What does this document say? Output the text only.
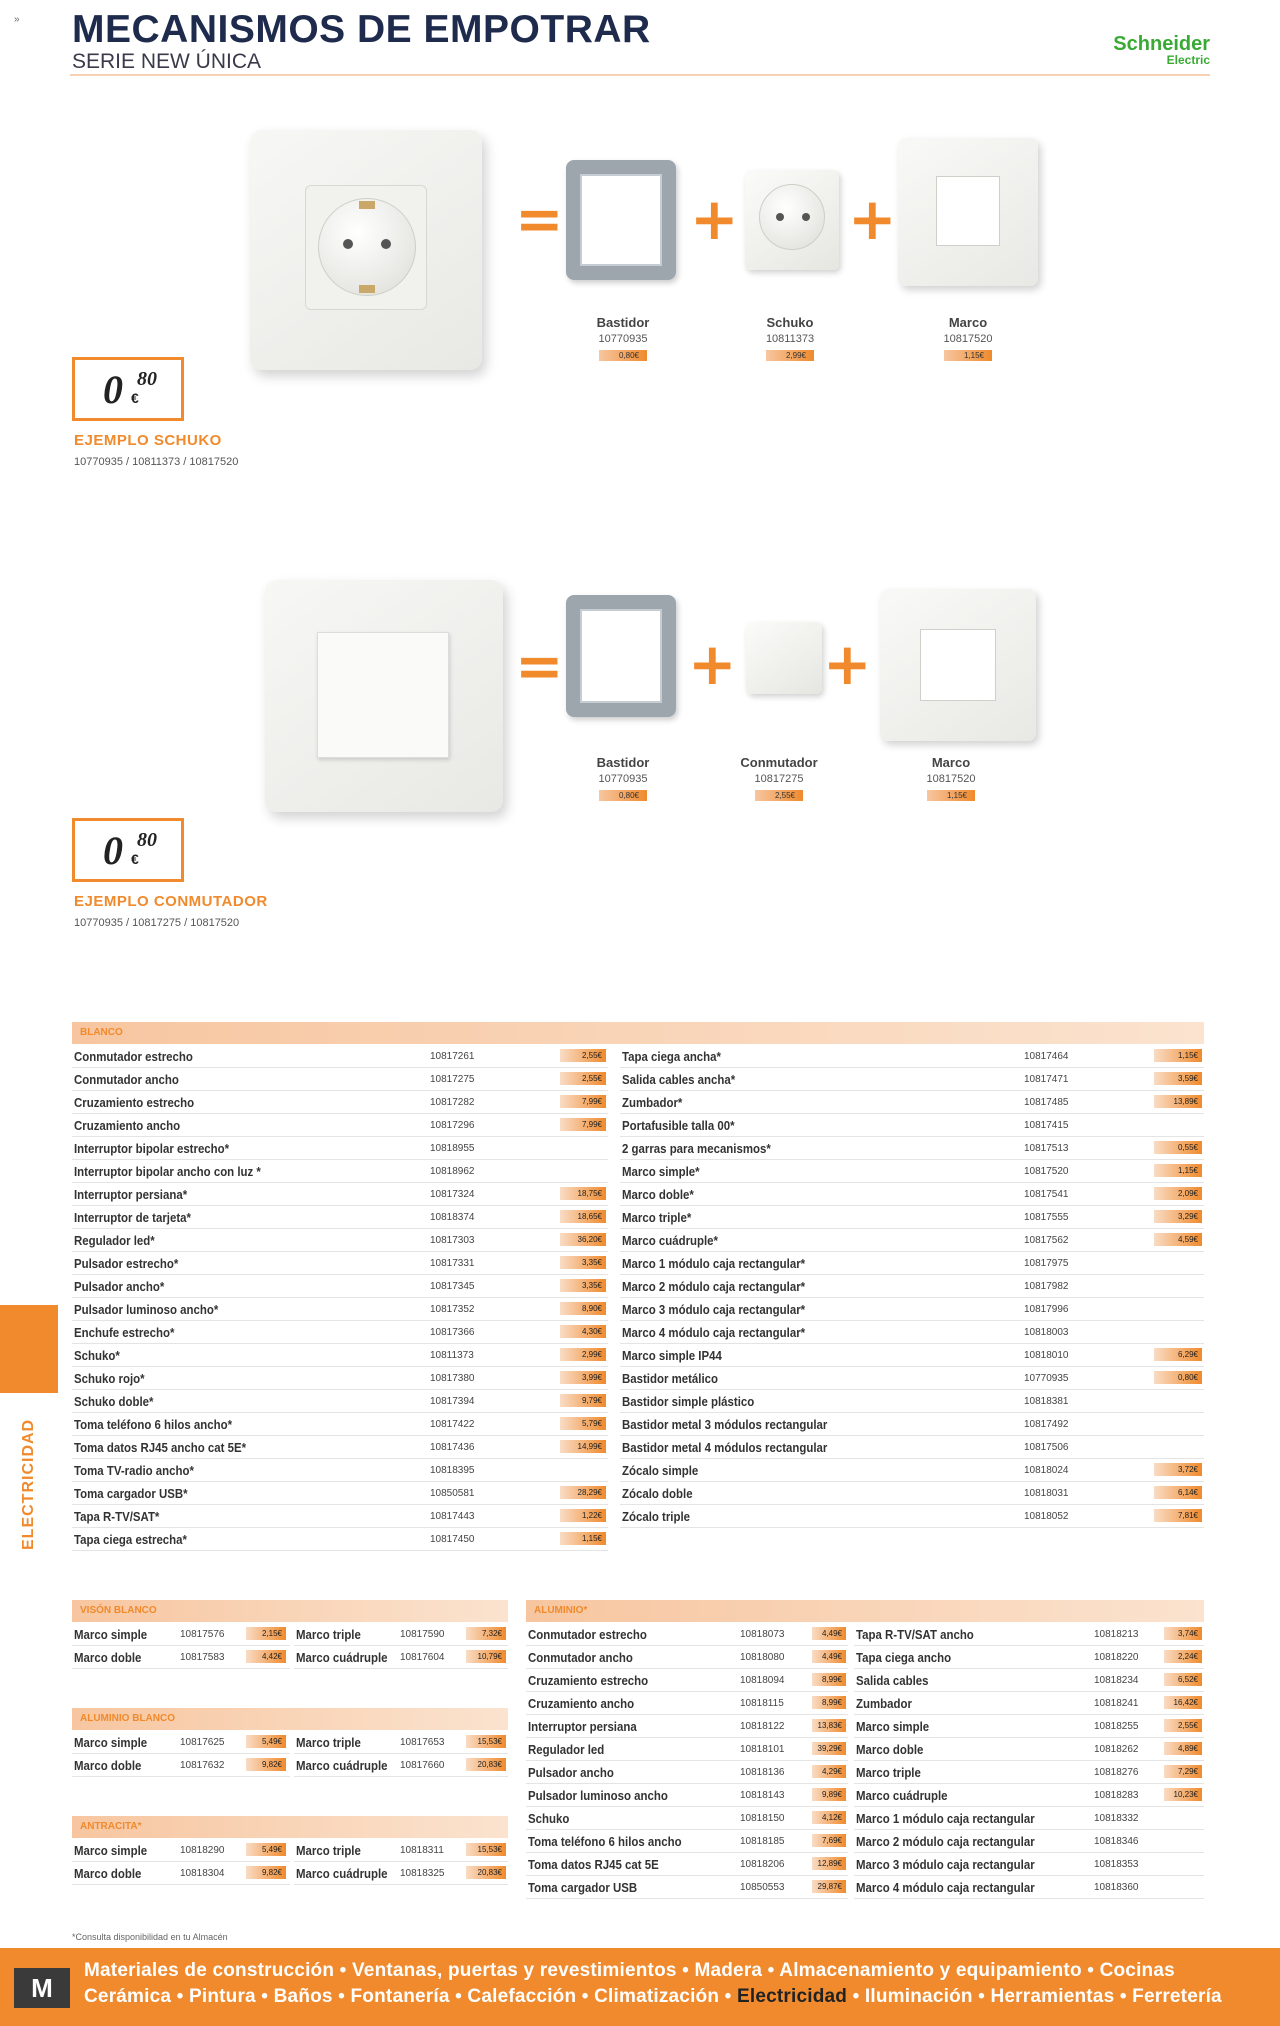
» MECANISMOS DE EMPOTRAR
SERIE NEW ÚNICA
Schneider
Electric
= + +
Bastidor
10770935
0,80€
Schuko
10811373
2,99€
Marco
10817520
1,15€
0 €
80
EJEMPLO SCHUKO
10770935 / 10811373 / 10817520
= + +
Bastidor
10770935
0,80€
Conmutador
10817275
2,55€
Marco
10817520
1,15€
0 €
80
EJEMPLO CONMUTADOR
10770935 / 10817275 / 10817520
BLANCO
Conmutador estrecho	10817261	2,55€
Conmutador ancho	10817275	2,55€
Cruzamiento estrecho	10817282	7,99€
Cruzamiento ancho	10817296	7,99€
Interruptor bipolar estrecho*	10818955
Interruptor bipolar ancho con luz *	10818962
Interruptor persiana*	10817324	18,75€
Interruptor de tarjeta*	10818374	18,65€
Regulador led*	10817303	36,20€
Pulsador estrecho*	10817331	3,35€
Pulsador ancho*	10817345	3,35€
Pulsador luminoso ancho*	10817352	8,90€
Enchufe estrecho*	10817366	4,30€
Schuko*	10811373	2,99€
Schuko rojo*	10817380	3,99€
Schuko doble*	10817394	9,79€
Toma teléfono 6 hilos ancho*	10817422	5,79€
Toma datos RJ45 ancho cat 5E*	10817436	14,99€
Toma TV-radio ancho*	10818395
Toma cargador USB*	10850581	28,29€
Tapa R-TV/SAT*	10817443	1,22€
Tapa ciega estrecha*	10817450	1,15€
Tapa ciega ancha*	10817464	1,15€
Salida cables ancha*	10817471	3,59€
Zumbador*	10817485	13,89€
Portafusible talla 00*	10817415
2 garras para mecanismos*	10817513	0,55€
Marco simple*	10817520	1,15€
Marco doble*	10817541	2,09€
Marco triple*	10817555	3,29€
Marco cuádruple*	10817562	4,59€
Marco 1 módulo caja rectangular*	10817975
Marco 2 módulo caja rectangular*	10817982
Marco 3 módulo caja rectangular*	10817996
Marco 4 módulo caja rectangular*	10818003
Marco simple IP44	10818010	6,29€
Bastidor metálico	10770935	0,80€
Bastidor simple plástico	10818381
Bastidor metal 3 módulos rectangular	10817492
Bastidor metal 4 módulos rectangular	10817506
Zócalo simple	10818024	3,72€
Zócalo doble	10818031	6,14€
Zócalo triple	10818052	7,81€
VISÓN BLANCO
Marco simple	10817576	2,15€	Marco triple	10817590	7,32€
Marco doble	10817583	4,42€	Marco cuádruple 10817604	10,79€
ALUMINIO BLANCO
Marco simple	10817625	5,49€	Marco triple	10817653	15,53€
Marco doble	10817632	9,82€	Marco cuádruple 10817660	20,83€
ANTRACITA*
Marco simple	10818290	5,49€	Marco triple	10818311	15,53€
Marco doble	10818304	9,82€	Marco cuádruple 10818325	20,83€
ALUMINIO*
Conmutador estrecho	10818073	4,49€
Conmutador ancho	10818080	4,49€
Cruzamiento estrecho	10818094	8,99€
Cruzamiento ancho	10818115	8,99€
Interruptor persiana	10818122	13,83€
Regulador led	10818101	39,29€
Pulsador ancho	10818136	4,29€
Pulsador luminoso ancho	10818143	9,89€
Schuko	10818150	4,12€
Toma teléfono 6 hilos ancho	10818185	7,69€
Toma datos RJ45 cat 5E	10818206	12,89€
Toma cargador USB	10850553	29,87€
Tapa R-TV/SAT ancho	10818213	3,74€
Tapa ciega ancho	10818220	2,24€
Salida cables	10818234	6,52€
Zumbador	10818241	16,42€
Marco simple	10818255	2,55€
Marco doble	10818262	4,89€
Marco triple	10818276	7,29€
Marco cuádruple	10818283	10,23€
Marco 1 módulo caja rectangular	10818332
Marco 2 módulo caja rectangular	10818346
Marco 3 módulo caja rectangular	10818353
Marco 4 módulo caja rectangular	10818360
ELECTRICIDAD
*Consulta disponibilidad en tu Almacén
M
Materiales de construcción • Ventanas, puertas y revestimientos • Madera • Almacenamiento y equipamiento • Cocinas
Cerámica • Pintura • Baños • Fontanería • Calefacción • Climatización • Electricidad • Iluminación • Herramientas • Ferretería
